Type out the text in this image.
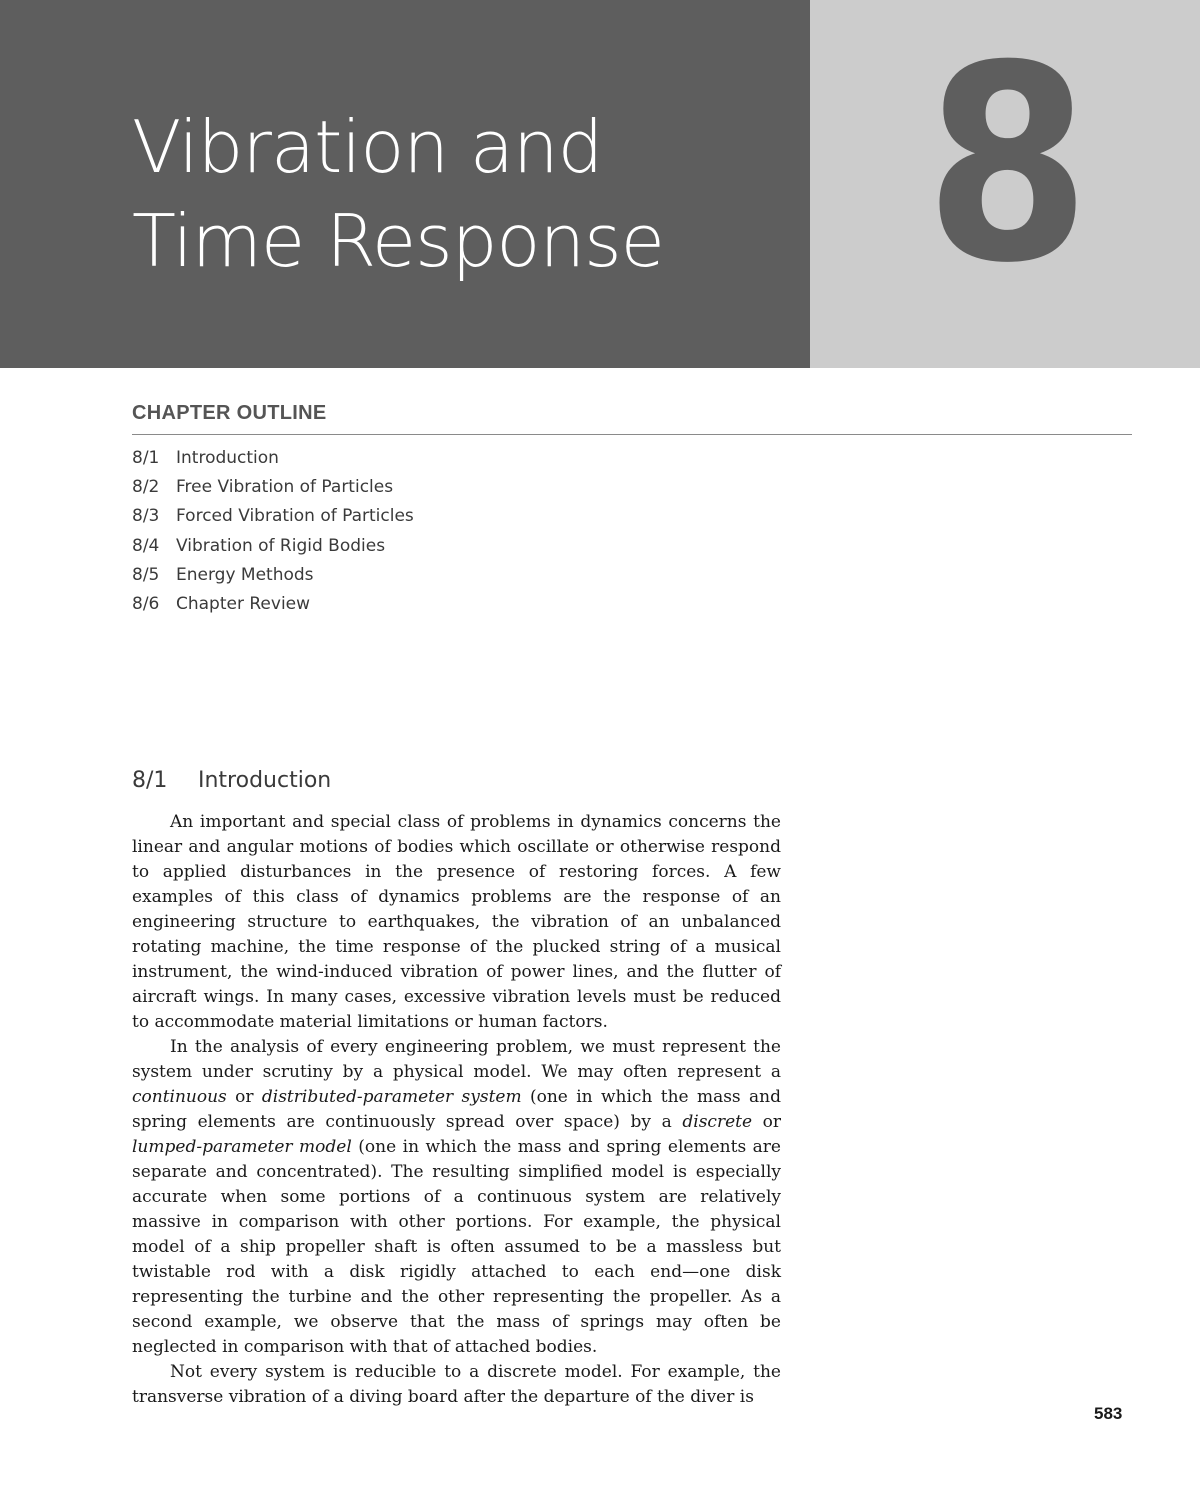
Vibration and
Time Response 8
CHAPTER OUTLINE
8/1 Introduction
8/2 Free Vibration of Particles
8/3 Forced Vibration of Particles
8/4 Vibration of Rigid Bodies
8/5 Energy Methods
8/6 Chapter Review
8/1 Introduction

An important and special class of problems in dynamics concerns the linear and angular motions of bodies which oscillate or otherwise respond to applied disturbances in the presence of restoring forces. A few examples of this class of dynamics problems are the response of an engineering structure to earthquakes, the vibration of an unbalanced rotating machine, the time response of the plucked string of a musical instrument, the wind-induced vibration of power lines, and the flutter of aircraft wings. In many cases, excessive vibration levels must be reduced to accommodate material limitations or human factors.

In the analysis of every engineering problem, we must represent the system under scrutiny by a physical model. We may often represent a continuous or distributed-parameter system (one in which the mass and spring elements are continuously spread over space) by a discrete or lumped-parameter model (one in which the mass and spring elements are separate and concentrated). The resulting simplified model is especially accurate when some portions of a continuous system are relatively massive in comparison with other portions. For example, the physical model of a ship propeller shaft is often assumed to be a massless but twistable rod with a disk rigidly attached to each end—one disk representing the turbine and the other representing the propeller. As a second example, we observe that the mass of springs may often be neglected in comparison with that of attached bodies.

Not every system is reducible to a discrete model. For example, the transverse vibration of a diving board after the departure of the diver is

583
